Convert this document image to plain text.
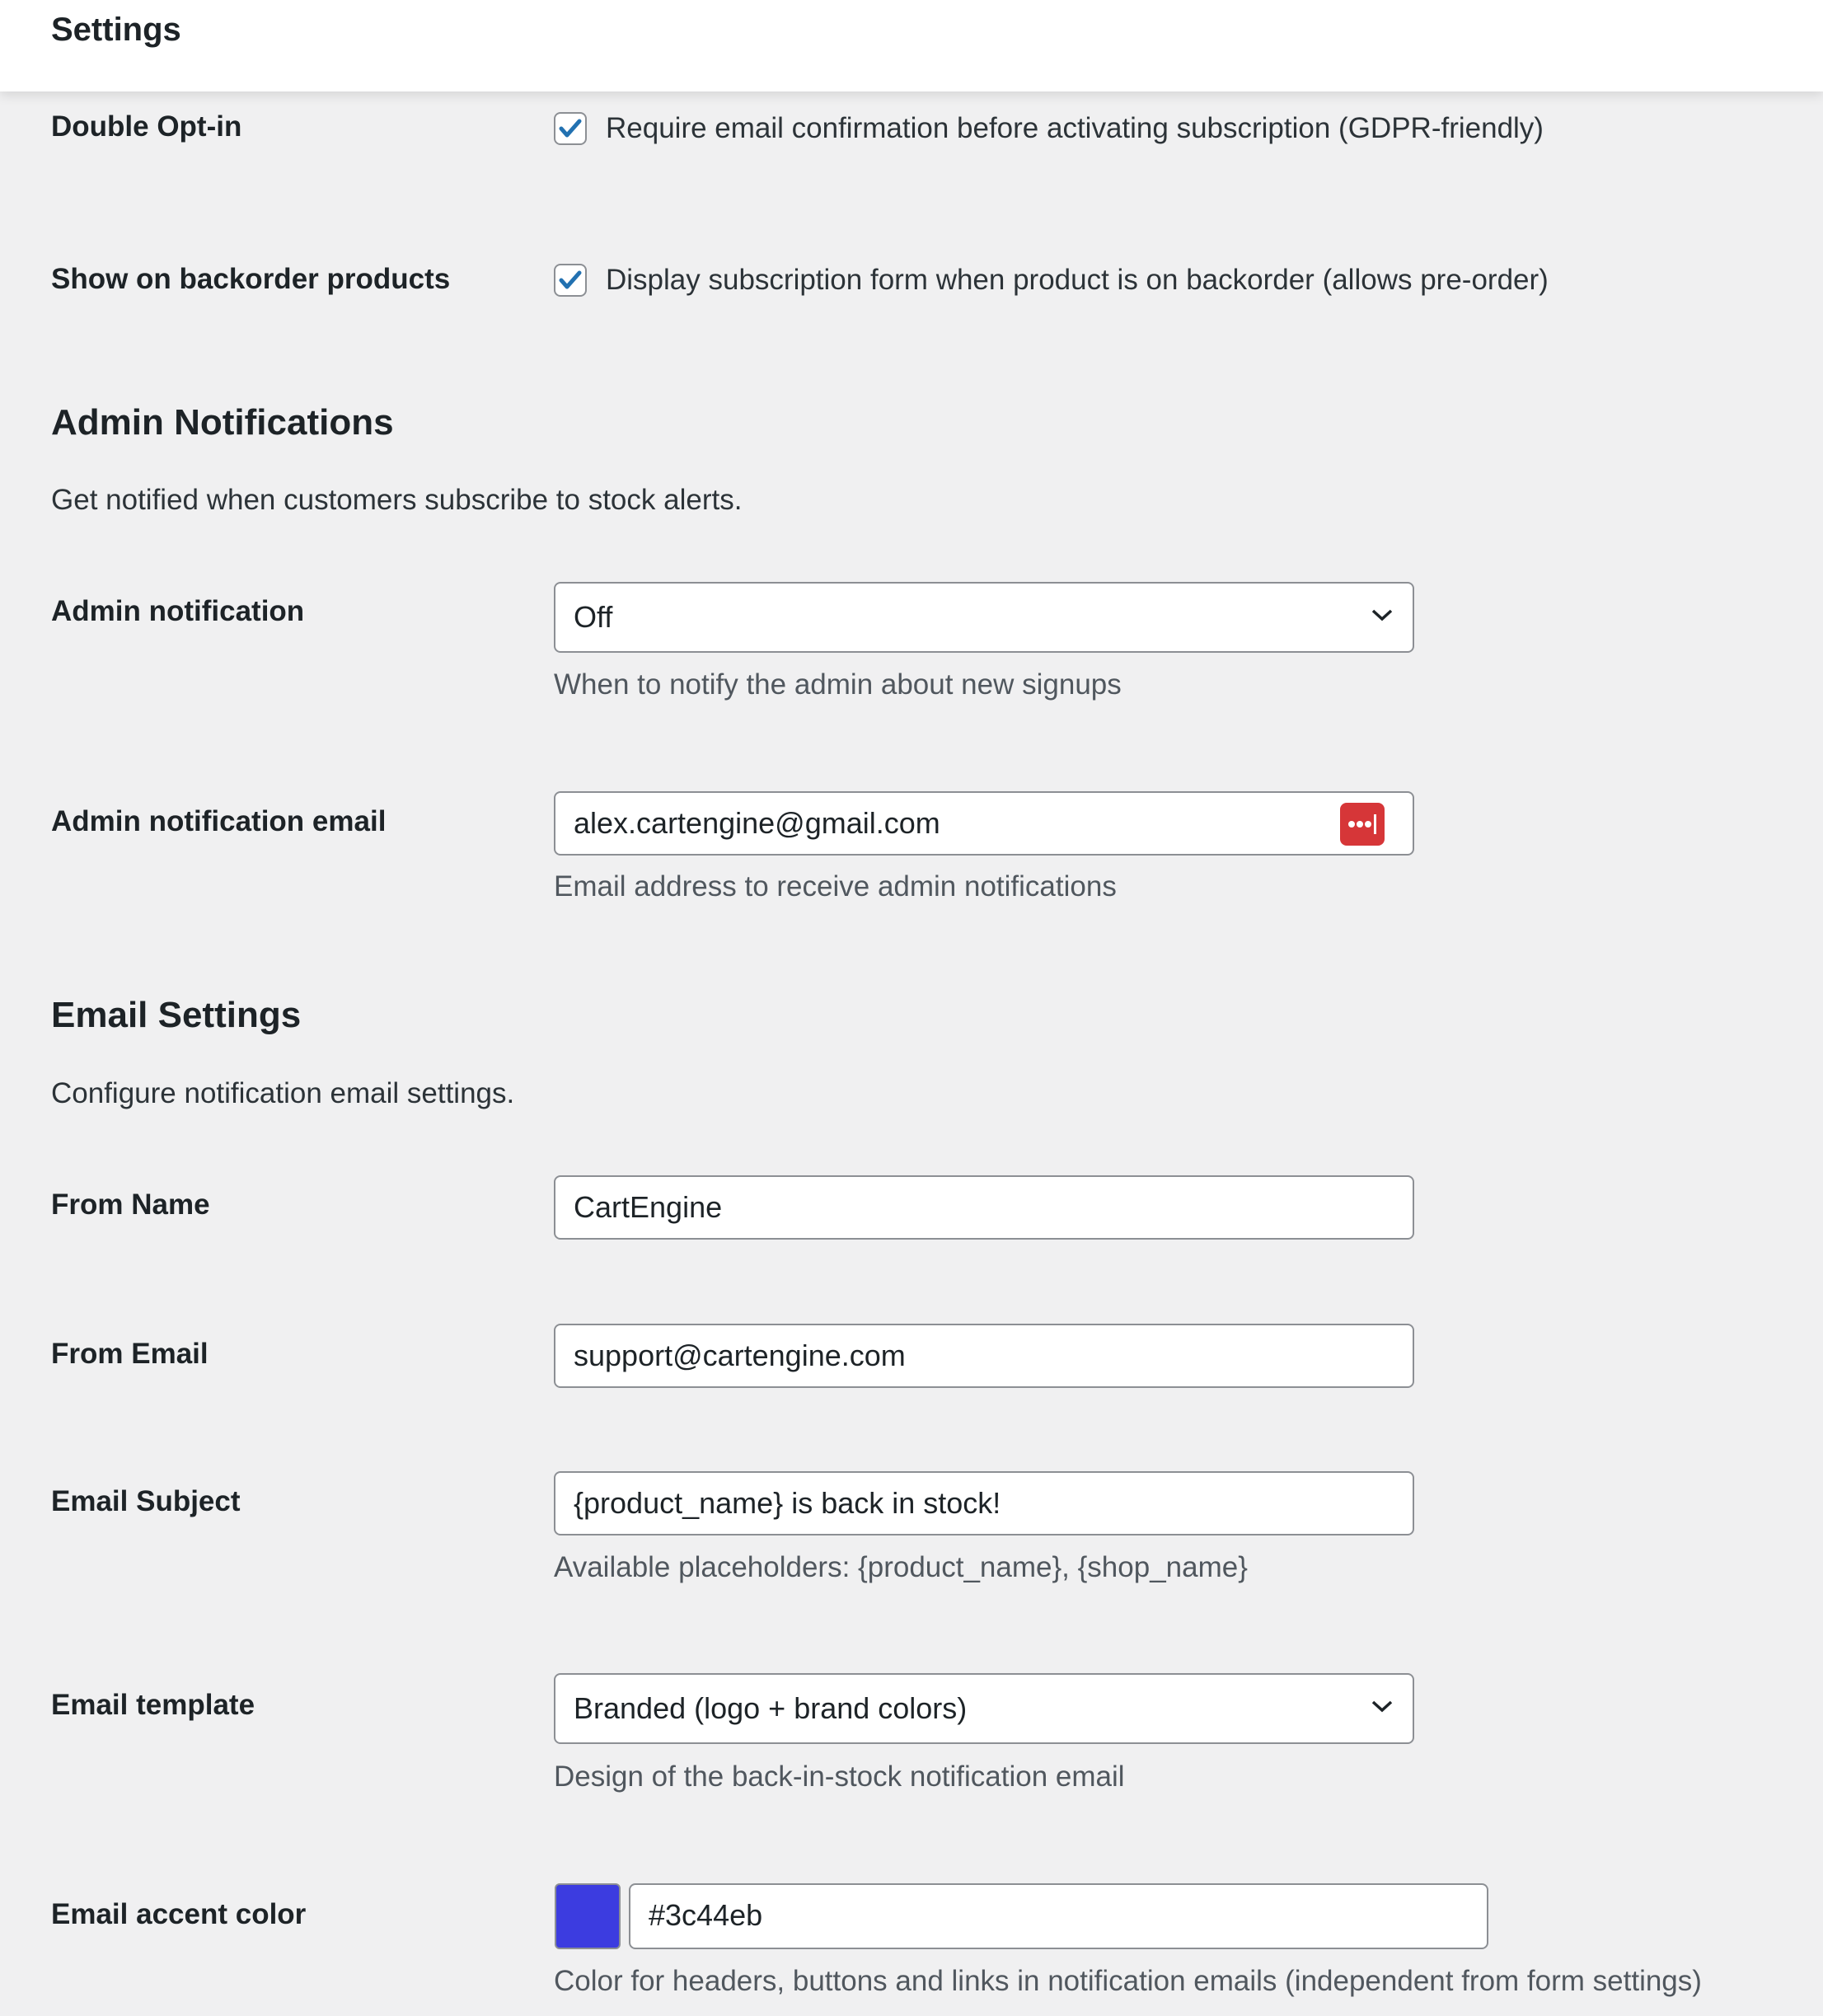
Settings
Double Opt-in	Require email confirmation before activating subscription (GDPR-friendly)
Show on backorder products	Display subscription form when product is on backorder (allows pre-order)
Admin Notifications
Get notified when customers subscribe to stock alerts.
Admin notification	Off
When to notify the admin about new signups
Admin notification email	alex.cartengine@gmail.com
Email address to receive admin notifications
Email Settings
Configure notification email settings.
From Name	CartEngine
From Email	support@cartengine.com
Email Subject	{product_name} is back in stock!
Available placeholders: {product_name}, {shop_name}
Email template	Branded (logo + brand colors)
Design of the back-in-stock notification email
Email accent color	#3c44eb
Color for headers, buttons and links in notification emails (independent from form settings)
